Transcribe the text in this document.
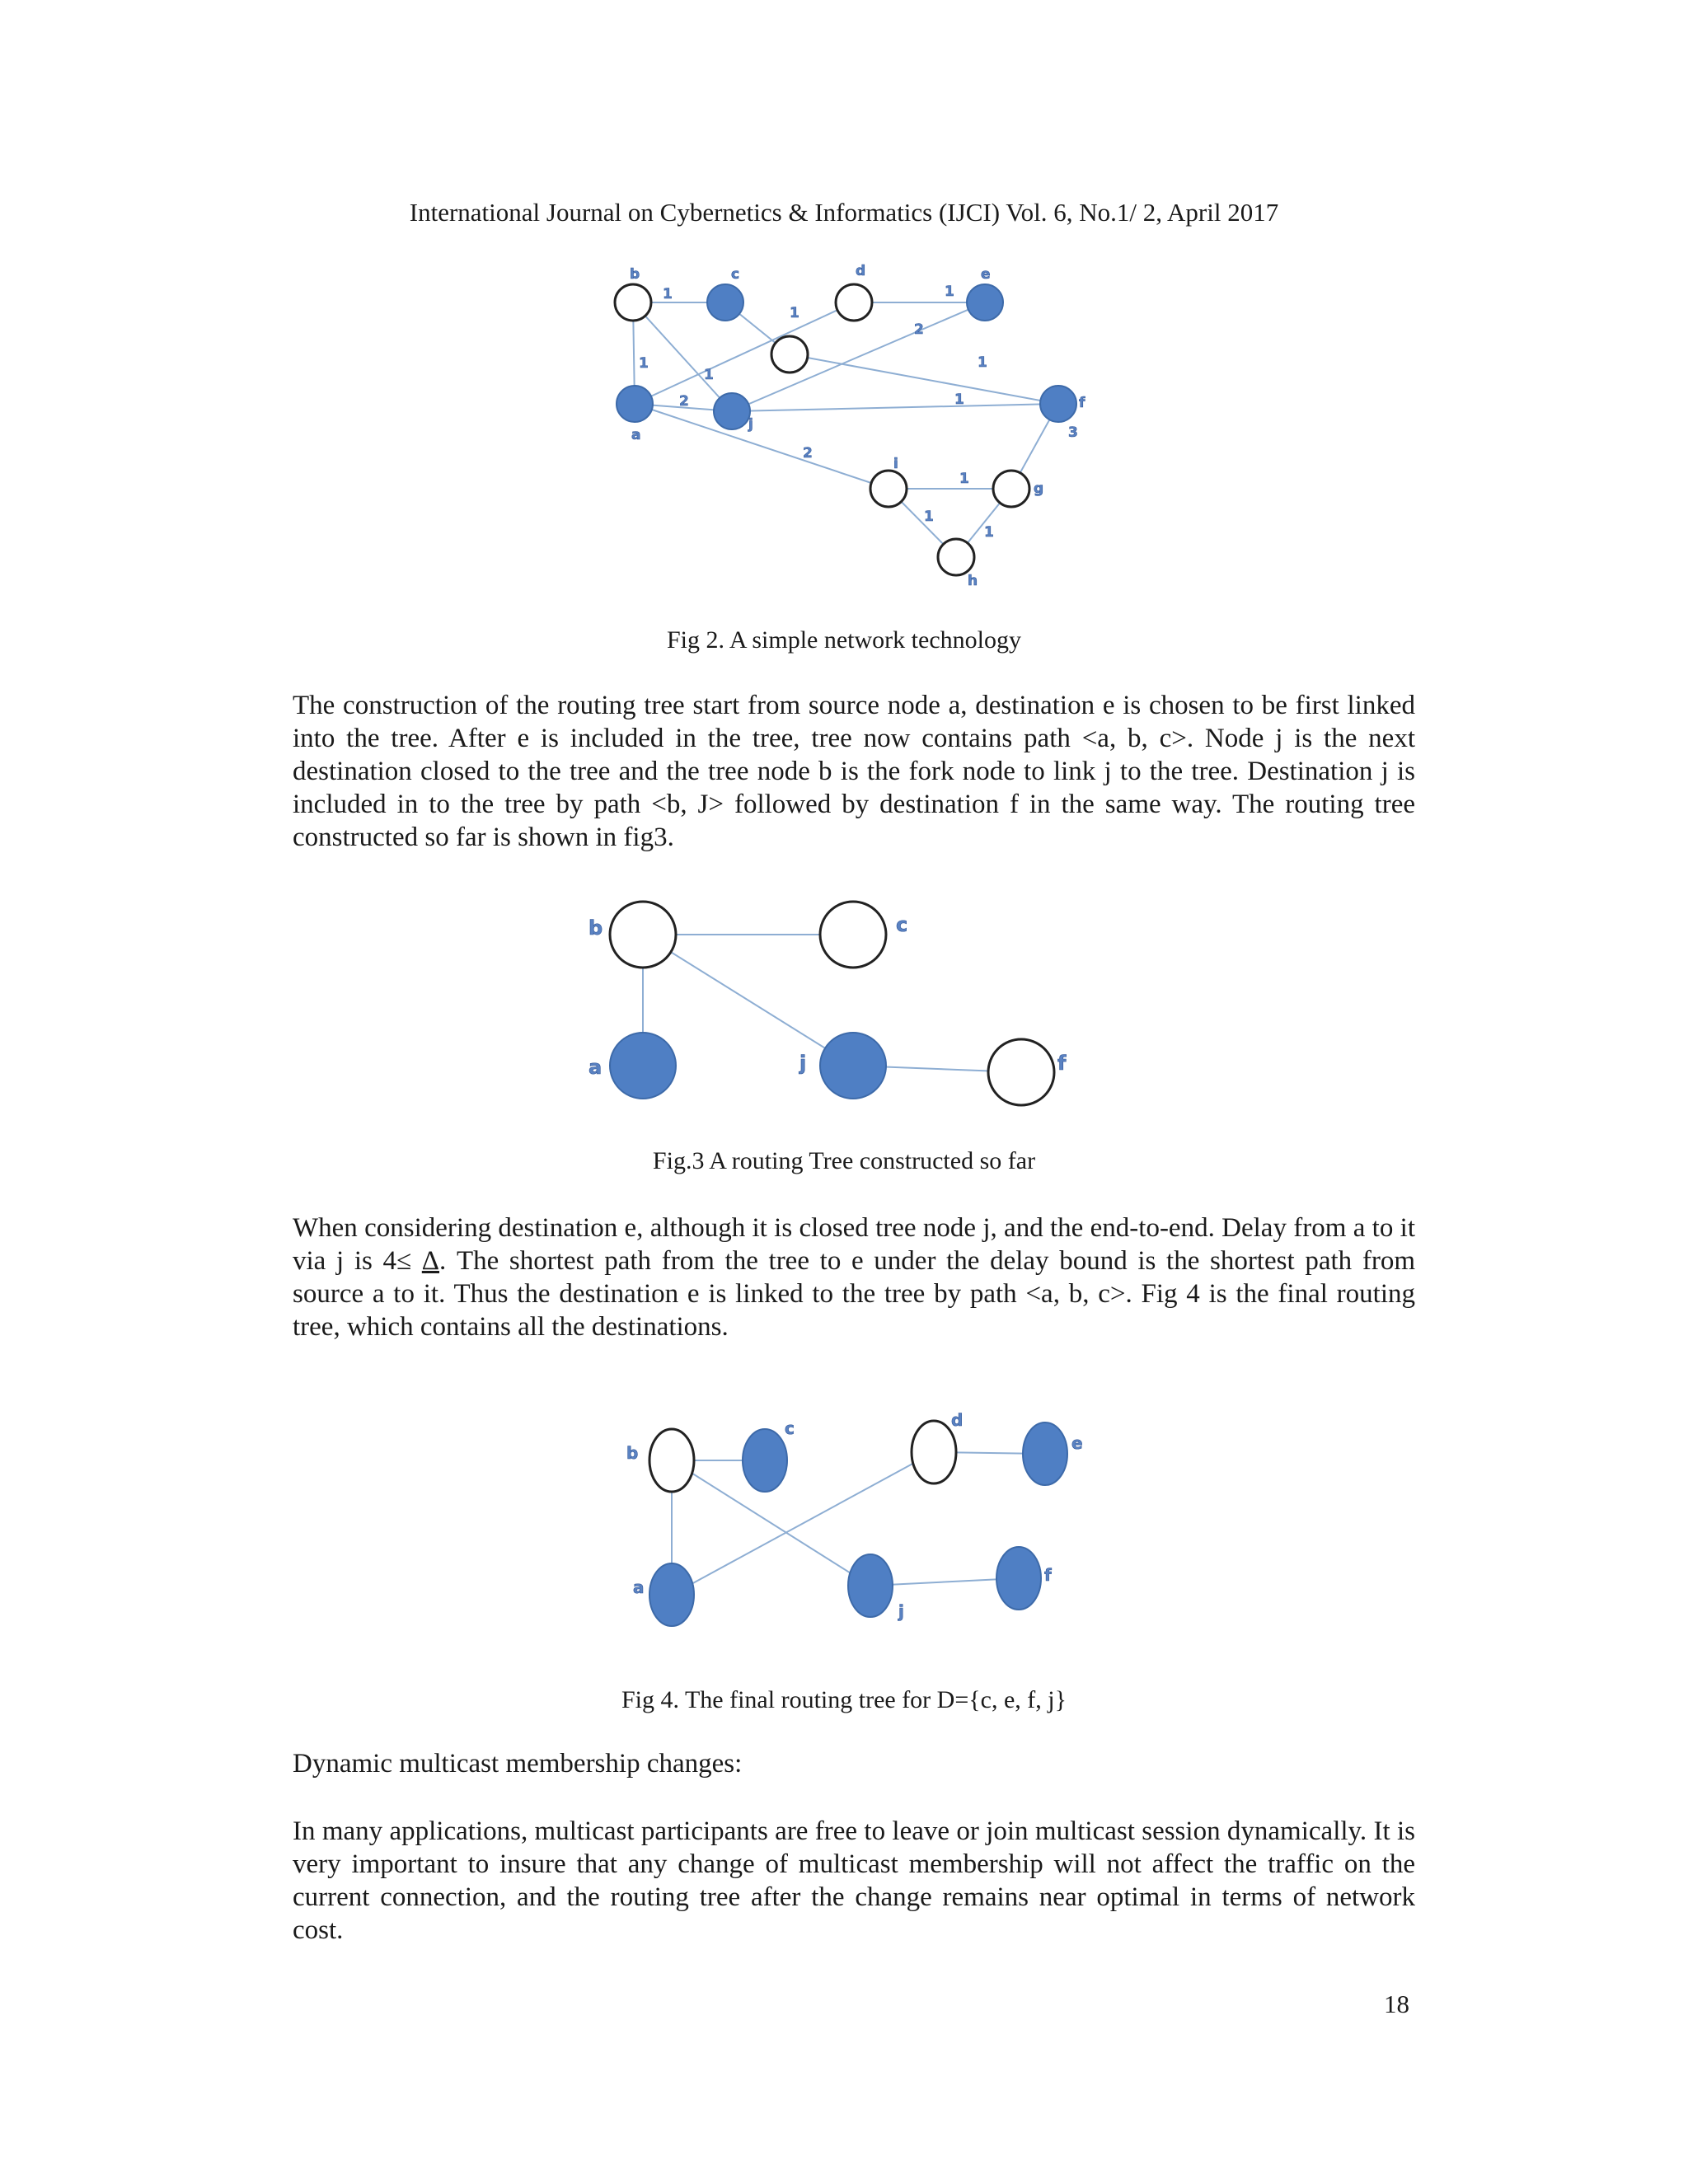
International Journal on Cybernetics & Informatics (IJCI) Vol. 6, No.1/ 2, April 2017
b	c	d	e
a
j
f
3
i
g
h
1
1
1
2
1
1
2
1
1
2
1
1
1
Fig 2. A simple network technology

The construction of the routing tree start from source node a, destination e is chosen to be first linked into the tree. After e is included in the tree, tree now contains path <a, b, c>. Node j is the next destination closed to the tree and the tree node b is the fork node to link j to the tree. Destination j is included in to the tree by path <b, J> followed by destination f in the same way. The routing tree constructed so far is shown in fig3.

b	c
a	j	f
Fig.3 A routing Tree constructed so far

When considering destination e, although it is closed tree node j, and the end-to-end. Delay from a to it via j is 4≤ Δ. The shortest path from the tree to e under the delay bound is the shortest path from source a to it. Thus the destination e is linked to the tree by path <a, b, c>. Fig 4 is the final routing tree, which contains all the destinations.

b
c	d
e
a
j
f
Fig 4. The final routing tree for D={c, e, f, j}

Dynamic multicast membership changes:

In many applications, multicast participants are free to leave or join multicast session dynamically. It is very important to insure that any change of multicast membership will not affect the traffic on the current connection, and the routing tree after the change remains near optimal in terms of network cost.

18
